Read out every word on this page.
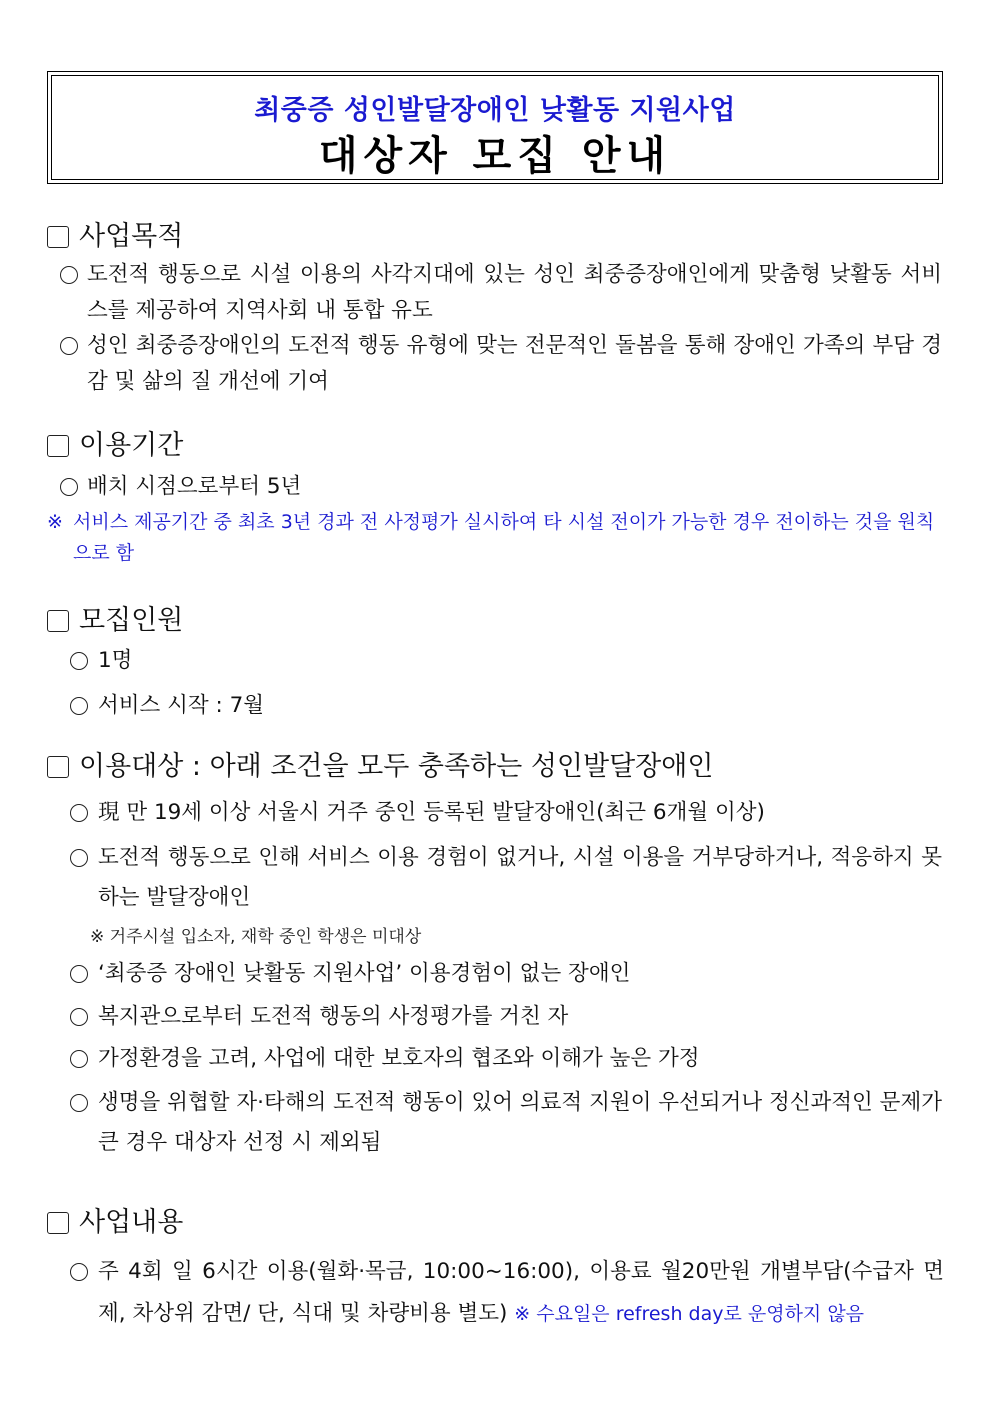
최중증 성인발달장애인 낮활동 지원사업
대상자 모집 안내
사업목적
도전적 행동으로 시설 이용의 사각지대에 있는 성인 최중증장애인에게 맞춤형 낮활동 서비스를 제공하여 지역사회 내 통합 유도
성인 최중증장애인의 도전적 행동 유형에 맞는 전문적인 돌봄을 통해 장애인 가족의 부담 경감 및 삶의 질 개선에 기여
이용기간
배치 시점으로부터 5년
※ 서비스 제공기간 중 최초 3년 경과 전 사정평가 실시하여 타 시설 전이가 가능한 경우 전이하는 것을 원칙으로 함
모집인원
1명
서비스 시작 : 7월
이용대상 : 아래 조건을 모두 충족하는 성인발달장애인
現 만 19세 이상 서울시 거주 중인 등록된 발달장애인(최근 6개월 이상)
도전적 행동으로 인해 서비스 이용 경험이 없거나, 시설 이용을 거부당하거나, 적응하지 못하는 발달장애인
※ 거주시설 입소자, 재학 중인 학생은 미대상
‘최중증 장애인 낮활동 지원사업’ 이용경험이 없는 장애인
복지관으로부터 도전적 행동의 사정평가를 거친 자
가정환경을 고려, 사업에 대한 보호자의 협조와 이해가 높은 가정
생명을 위협할 자·타해의 도전적 행동이 있어 의료적 지원이 우선되거나 정신과적인 문제가 큰 경우 대상자 선정 시 제외됨
사업내용
주 4회 일 6시간 이용(월화·목금, 10:00~16:00), 이용료 월20만원 개별부담(수급자 면제, 차상위 감면/ 단, 식대 및 차량비용 별도) ※ 수요일은 refresh day로 운영하지 않음
